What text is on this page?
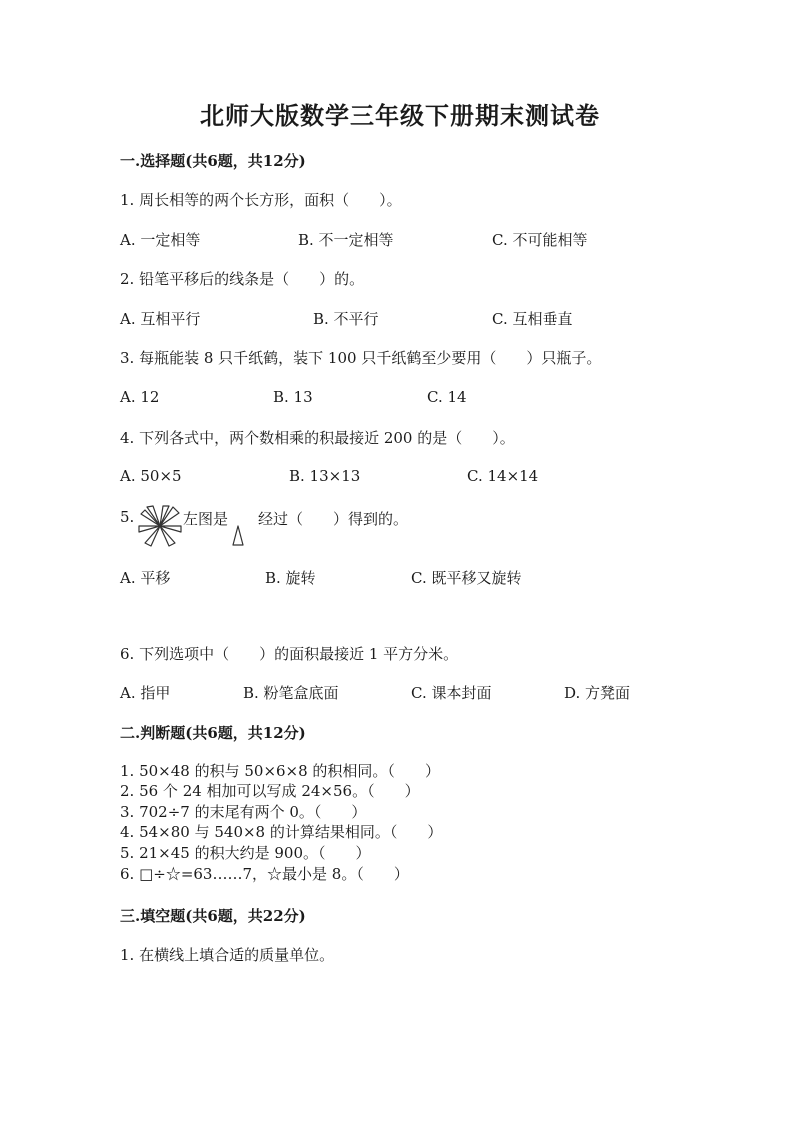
北师大版数学三年级下册期末测试卷
一.选择题(共6题，共12分)
1. 周长相等的两个长方形，面积（　　）。
A. 一定相等	B. 不一定相等	C. 不可能相等
2. 铅笔平移后的线条是（　　）的。
A. 互相平行	B. 不平行	C. 互相垂直
3. 每瓶能装 8 只千纸鹤，装下 100 只千纸鹤至少要用（　　）只瓶子。
A. 12	B. 13	C. 14
4. 下列各式中，两个数相乘的积最接近 200 的是（　　）。
A. 50×5	B. 13×13	C. 14×14
5.	左图是 经过（　　）得到的。
A. 平移	B. 旋转	C. 既平移又旋转
6. 下列选项中（　　）的面积最接近 1 平方分米。
A. 指甲	B. 粉笔盒底面	C. 课本封面	D. 方凳面
二.判断题(共6题，共12分)
1. 50×48 的积与 50×6×8 的积相同。（　　）
2. 56 个 24 相加可以写成 24×56。（　　）
3. 702÷7 的末尾有两个 0。（　　）
4. 54×80 与 540×8 的计算结果相同。（　　）
5. 21×45 的积大约是 900。（　　）
6. □÷☆=63……7，☆最小是 8。（　　）
三.填空题(共6题，共22分)
1. 在横线上填合适的质量单位。
